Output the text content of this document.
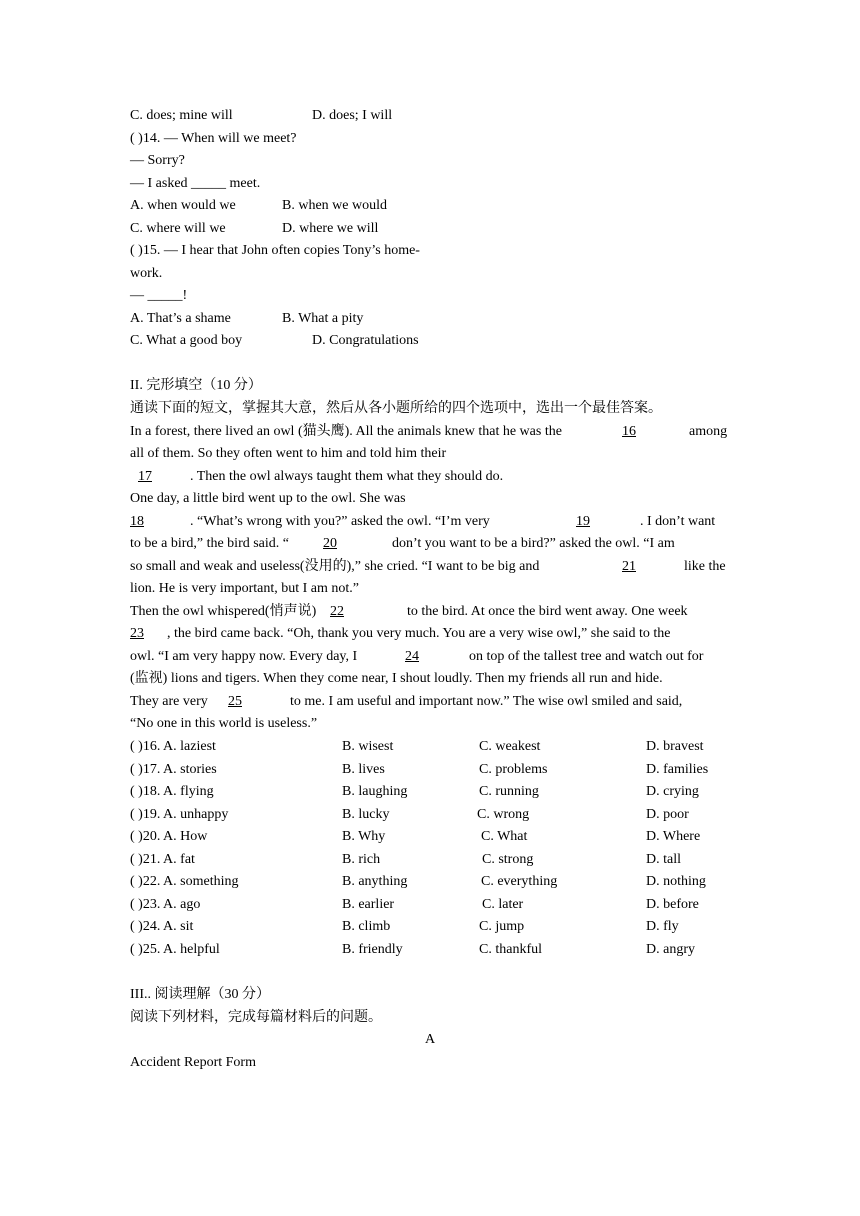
C. does; mine will	D. does; I will
( )14. — When will we meet?
— Sorry?
— I asked _____ meet.
A. when would we	B. when we would
C. where will we	D. where we will
( )15. — I hear that John often copies Tony’s home-
work.
— _____!
A. That’s a shame	B. What a pity
C. What a good boy	D. Congratulations
II. 完形填空（10 分）
通读下面的短文，掌握其大意，然后从各小题所给的四个选项中，选出一个最佳答案。
In a forest, there lived an owl (猫头鹰). All the animals knew that he was the	16	among
all of them. So they often went to him and told him their
17	. Then the owl always taught them what they should do.
One day, a little bird went up to the owl. She was
18	. “What’s wrong with you?” asked the owl. “I’m very	19	. I don’t want
to be a bird,” the bird said. “ 20	don’t you want to be a bird?” asked the owl. “I am
so small and weak and useless(没用的),” she cried. “I want to be big and	21	like the
lion. He is very important, but I am not.”
Then the owl whispered(悄声说) 22	to the bird. At once the bird went away. One week
23 , the bird came back. “Oh, thank you very much. You are a very wise owl,” she said to the
owl. “I am very happy now. Every day, I	24	on top of the tallest tree and watch out for
(监视) lions and tigers. When they come near, I shout loudly. Then my friends all run and hide.
They are very 25	to me. I am useful and important now.” The wise owl smiled and said,
“No one in this world is useless.”
( )16. A. laziest	B. wisest	C. weakest	D. bravest
( )17. A. stories	B. lives	C. problems	D. families
( )18. A. flying	B. laughing	C. running	D. crying
( )19. A. unhappy	B. lucky	C. wrong	D. poor
( )20. A. How	B. Why	C. What	D. Where
( )21. A. fat	B. rich	C. strong	D. tall
( )22. A. something	B. anything	C. everything	D. nothing
( )23. A. ago	B. earlier	C. later	D. before
( )24. A. sit	B. climb	C. jump	D. fly
( )25. A. helpful	B. friendly	C. thankful	D. angry
III.. 阅读理解（30 分）
阅读下列材料，完成每篇材料后的问题。
A
Accident Report Form
